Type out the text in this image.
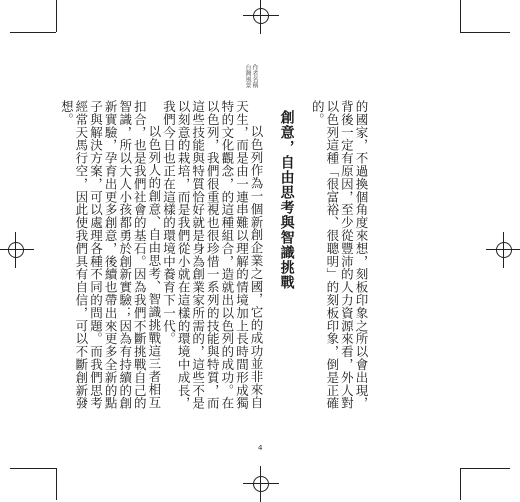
作者名稱
台灣風景

的國家，不過換個角度來想，刻板印象之所以會出現，背後一定有原因，至少從豐沛的人力資源來看，外人對以色列這種「很富裕、很聰明」的刻板印象，倒是正確的。

創意，自由思考與智識挑戰

以色列作為一個新創企業之國，它的成功並非來自天生，而是由一連串難以理解的情境加上長時間形成獨特的文化觀念，的這種組合，造就出以色列的成功。在以色列，我們很重視也很珍惜一系列的技能與特質，而這些技能與特質恰好就是身為創業家所需的，這些不是以刻意的栽培，而是我們從小就在這樣的環境中成長，我們今日也正在這樣的環境中養育下一代。

以色列人的創意、自由思考、智識挑戰這三者相互扣合，也是我們社會的基石。因為我們不斷挑戰自己的智識，所以大人小孩都勇於創新實驗；因為有持續的創新實驗，孕育出更多創意，後續也帶出來更多全新的點子與解決方案，可以處理各種不同的問題。而我們思考經常天馬行空，因此使我們具有自信，可以不斷創新發想。

4
